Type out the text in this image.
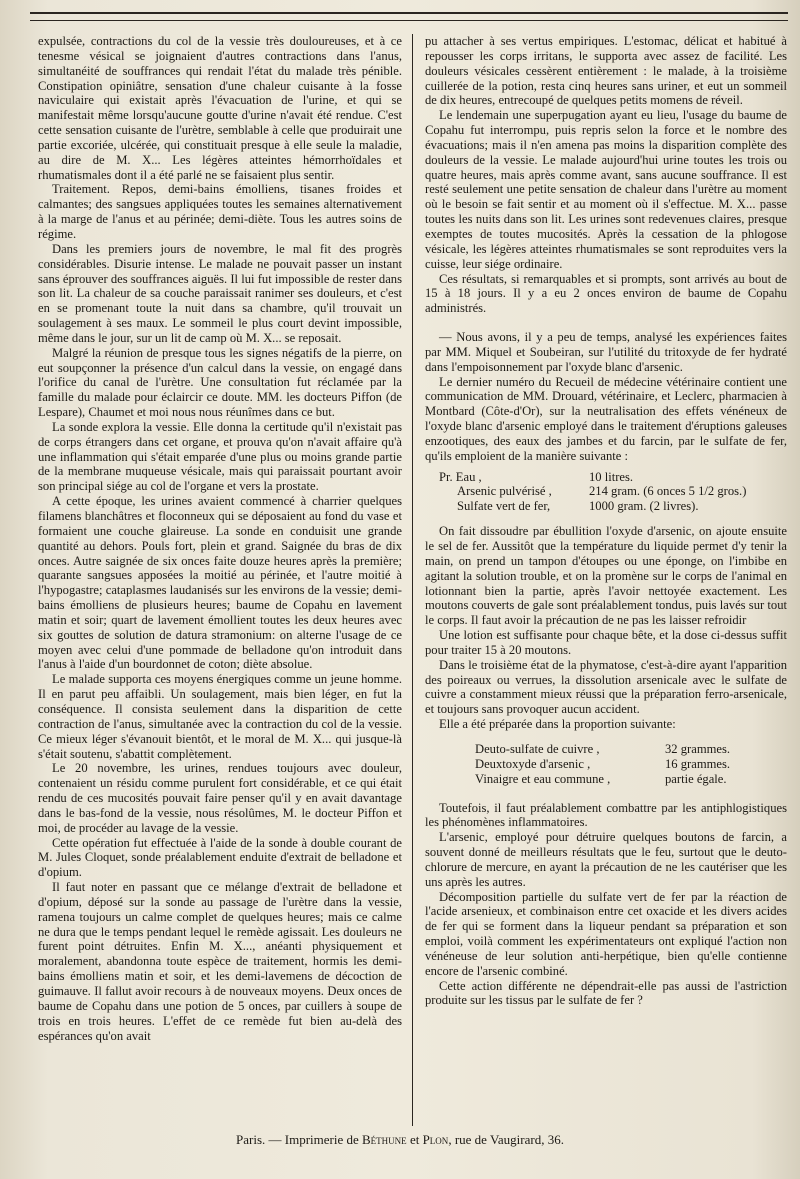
expulsée, contractions du col de la vessie très douloureuses, et à ce tenesme vésical se joignaient d'autres contractions dans l'anus, simultanéité de souffrances qui rendait l'état du malade très pénible. Constipation opiniâtre, sensation d'une chaleur cuisante à la fosse naviculaire qui existait après l'évacuation de l'urine, et qui se manifestait même lorsqu'aucune goutte d'urine n'avait été rendue. C'est cette sensation cuisante de l'urètre, semblable à celle que produirait une partie excoriée, ulcérée, qui constituait presque à elle seule la maladie, au dire de M. X... Les légères atteintes hémorrhoïdales et rhumatismales dont il a été parlé ne se faisaient plus sentir.

Traitement. Repos, demi-bains émolliens, tisanes froides et calmantes; des sangsues appliquées toutes les semaines alternativement à la marge de l'anus et au périnée; demi-diète. Tous les autres soins de régime.

Dans les premiers jours de novembre, le mal fit des progrès considérables. Disurie intense. Le malade ne pouvait passer un instant sans éprouver des souffrances aiguës. Il lui fut impossible de rester dans son lit. La chaleur de sa couche paraissait ranimer ses douleurs, et c'est en se promenant toute la nuit dans sa chambre, qu'il trouvait un soulagement à ses maux. Le sommeil le plus court devint impossible, même dans le jour, sur un lit de camp où M. X... se reposait.

Malgré la réunion de presque tous les signes négatifs de la pierre, on eut soupçonner la présence d'un calcul dans la vessie, on engagé dans l'orifice du canal de l'urètre. Une consultation fut réclamée par la famille du malade pour éclaircir ce doute. MM. les docteurs Piffon (de Lespare), Chaumet et moi nous nous réunîmes dans ce but.

La sonde explora la vessie. Elle donna la certitude qu'il n'existait pas de corps étrangers dans cet organe, et prouva qu'on n'avait affaire qu'à une inflammation qui s'était emparée d'une plus ou moins grande partie de la membrane muqueuse vésicale, mais qui paraissait pourtant avoir son principal siége au col de l'organe et vers la prostate.

A cette époque, les urines avaient commencé à charrier quelques filamens blanchâtres et floconneux qui se déposaient au fond du vase et formaient une couche glaireuse. La sonde en conduisit une grande quantité au dehors. Pouls fort, plein et grand. Saignée du bras de dix onces. Autre saignée de six onces faite douze heures après la première; quarante sangsues apposées la moitié au périnée, et l'autre moitié à l'hypogastre; cataplasmes laudanisés sur les environs de la vessie; demi-bains émolliens de plusieurs heures; baume de Copahu en lavement matin et soir; quart de lavement émollient toutes les deux heures avec six gouttes de solution de datura stramonium: on alterne l'usage de ce moyen avec celui d'une pommade de belladone qu'on introduit dans l'anus à l'aide d'un bourdonnet de coton; diète absolue.

Le malade supporta ces moyens énergiques comme un jeune homme. Il en parut peu affaibli. Un soulagement, mais bien léger, en fut la conséquence. Il consista seulement dans la disparition de cette contraction de l'anus, simultanée avec la contraction du col de la vessie. Ce mieux léger s'évanouit bientôt, et le moral de M. X... qui jusque-là s'était soutenu, s'abattit complètement.

Le 20 novembre, les urines, rendues toujours avec douleur, contenaient un résidu comme purulent fort considérable, et ce qui était rendu de ces mucosités pouvait faire penser qu'il y en avait davantage dans le bas-fond de la vessie, nous résolûmes, M. le docteur Piffon et moi, de procéder au lavage de la vessie.

Cette opération fut effectuée à l'aide de la sonde à double courant de M. Jules Cloquet, sonde préalablement enduite d'extrait de belladone et d'opium.

Il faut noter en passant que ce mélange d'extrait de belladone et d'opium, déposé sur la sonde au passage de l'urètre dans la vessie, ramena toujours un calme complet de quelques heures; mais ce calme ne dura que le temps pendant lequel le remède agissait. Les douleurs ne furent point détruites. Enfin M. X..., anéanti physiquement et moralement, abandonna toute espèce de traitement, hormis les demi-bains émolliens matin et soir, et les demi-lavemens de décoction de guimauve. Il fallut avoir recours à de nouveaux moyens. Deux onces de baume de Copahu dans une potion de 5 onces, par cuillers à soupe de trois en trois heures. L'effet de ce remède fut bien au-delà des espérances qu'on avait

pu attacher à ses vertus empiriques. L'estomac, délicat et habitué à repousser les corps irritans, le supporta avec assez de facilité. Les douleurs vésicales cessèrent entièrement : le malade, à la troisième cuillerée de la potion, resta cinq heures sans uriner, et eut un sommeil de dix heures, entrecoupé de quelques petits momens de réveil.

Le lendemain une superpugation ayant eu lieu, l'usage du baume de Copahu fut interrompu, puis repris selon la force et le nombre des évacuations; mais il n'en amena pas moins la disparition complète des douleurs de la vessie. Le malade aujourd'hui urine toutes les trois ou quatre heures, mais après comme avant, sans aucune souffrance. Il est resté seulement une petite sensation de chaleur dans l'urètre au moment où le besoin se fait sentir et au moment où il s'effectue. M. X... passe toutes les nuits dans son lit. Les urines sont redevenues claires, presque exemptes de toutes mucosités. Après la cessation de la phlogose vésicale, les légères atteintes rhumatismales se sont reproduites vers la cuisse, leur siége ordinaire.

Ces résultats, si remarquables et si prompts, sont arrivés au bout de 15 à 18 jours. Il y a eu 2 onces environ de baume de Copahu administrés.

— Nous avons, il y a peu de temps, analysé les expériences faites par MM. Miquel et Soubeiran, sur l'utilité du tritoxyde de fer hydraté dans l'empoisonnement par l'oxyde blanc d'arsenic.

Le dernier numéro du Recueil de médecine vétérinaire contient une communication de MM. Drouard, vétérinaire, et Leclerc, pharmacien à Montbard (Côte-d'Or), sur la neutralisation des effets vénéneux de l'oxyde blanc d'arsenic employé dans le traitement d'éruptions galeuses enzootiques, des eaux des jambes et du farcin, par le sulfate de fer, qu'ils emploient de la manière suivante :

Pr. Eau ,	10 litres.
Arsenic pulvérisé ,	214 gram. (6 onces 5 1/2 gros.)
Sulfate vert de fer,	1000 gram. (2 livres).

On fait dissoudre par ébullition l'oxyde d'arsenic, on ajoute ensuite le sel de fer. Aussitôt que la température du liquide permet d'y tenir la main, on prend un tampon d'étoupes ou une éponge, on l'imbibe en agitant la solution trouble, et on la promène sur le corps de l'animal en lotionnant bien la partie, après l'avoir nettoyée exactement. Les moutons couverts de gale sont préalablement tondus, puis lavés sur tout le corps. Il faut avoir la précaution de ne pas les laisser refroidir

Une lotion est suffisante pour chaque bête, et la dose ci-dessus suffit pour traiter 15 à 20 moutons.

Dans le troisième état de la phymatose, c'est-à-dire ayant l'apparition des poireaux ou verrues, la dissolution arsenicale avec le sulfate de cuivre a constamment mieux réussi que la préparation ferro-arsenicale, et toujours sans provoquer aucun accident.

Elle a été préparée dans la proportion suivante:

Deuto-sulfate de cuivre ,	32 grammes.
Deuxtoxyde d'arsenic ,	16 grammes.
Vinaigre et eau commune ,	partie égale.

Toutefois, il faut préalablement combattre par les antiphlogistiques les phénomènes inflammatoires.

L'arsenic, employé pour détruire quelques boutons de farcin, a souvent donné de meilleurs résultats que le feu, surtout que le deuto-chlorure de mercure, en ayant la précaution de ne les cautériser que les uns après les autres.

Décomposition partielle du sulfate vert de fer par la réaction de l'acide arsenieux, et combinaison entre cet oxacide et les divers acides de fer qui se forment dans la liqueur pendant sa préparation et son emploi, voilà comment les expérimentateurs ont expliqué l'action non vénéneuse de leur solution anti-herpétique, bien qu'elle contienne encore de l'arsenic combiné.

Cette action différente ne dépendrait-elle pas aussi de l'astriction produite sur les tissus par le sulfate de fer ?

Paris. — Imprimerie de Béthune et Plon, rue de Vaugirard, 36.
